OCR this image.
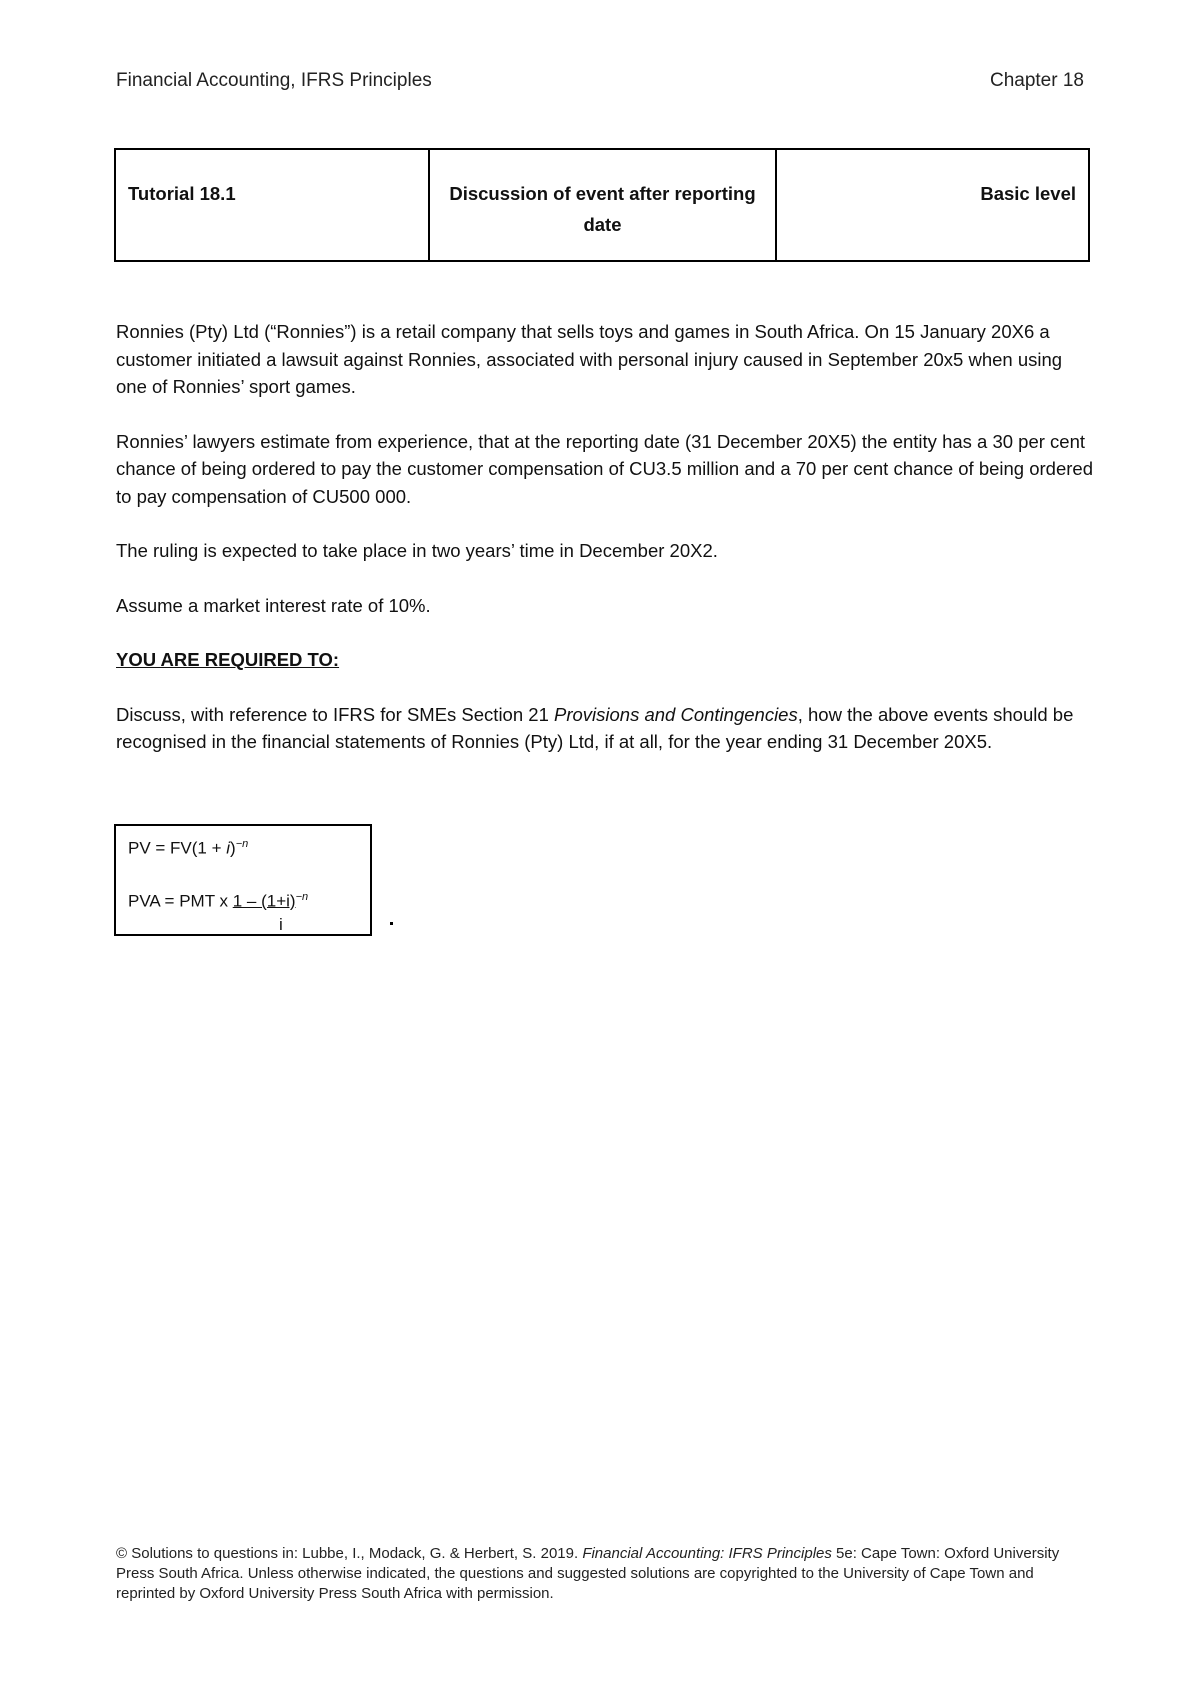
Financial Accounting, IFRS Principles	Chapter 18
Tutorial 18.1	Discussion of event after reporting date
Basic level

Ronnies (Pty) Ltd (“Ronnies”) is a retail company that sells toys and games in South Africa. On 15 January 20X6 a customer initiated a lawsuit against Ronnies, associated with personal injury caused in September 20x5 when using one of Ronnies’ sport games.

Ronnies’ lawyers estimate from experience, that at the reporting date (31 December 20X5) the entity has a 30 per cent chance of being ordered to pay the customer compensation of CU3.5 million and a 70 per cent chance of being ordered to pay compensation of CU500 000.

The ruling is expected to take place in two years’ time in December 20X2.

Assume a market interest rate of 10%.

YOU ARE REQUIRED TO:

Discuss, with reference to IFRS for SMEs Section 21 Provisions and Contingencies, how the above events should be recognised in the financial statements of Ronnies (Pty) Ltd, if at all, for the year ending 31 December 20X5.

PV = $FV(1 + i)^{-n}$
PVA = PMT x $1 - (1+i)^{-n}$
i
© Solutions to questions in: Lubbe, I., Modack, G. & Herbert, S. 2019. Financial Accounting: IFRS Principles 5e: Cape Town: Oxford University Press South Africa. Unless otherwise indicated, the questions and suggested solutions are copyrighted to the University of Cape Town and reprinted by Oxford University Press South Africa with permission.
